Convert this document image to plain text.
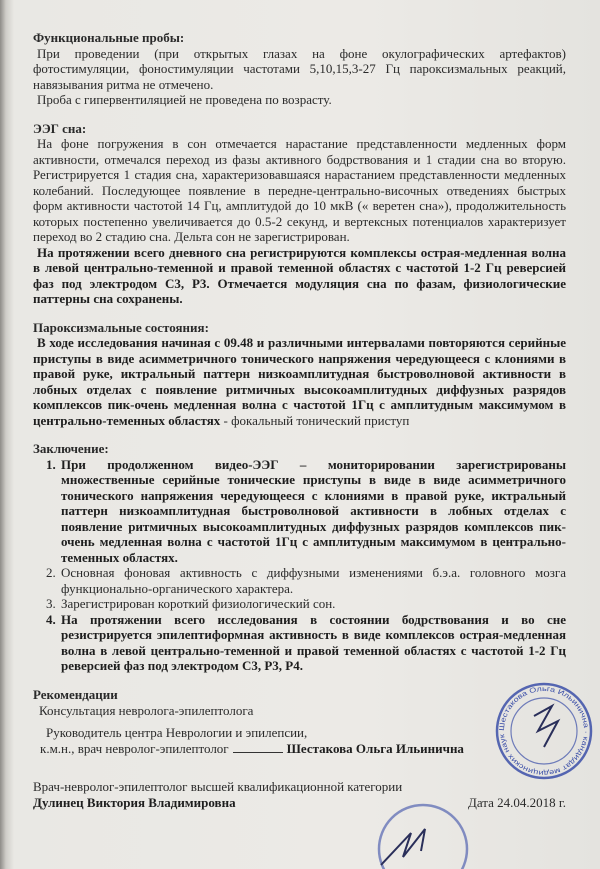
Функциональные пробы:
При проведении (при открытых глазах на фоне окулографических артефактов) фотостимуляции, фоностимуляции частотами 5,10,15,3-27 Гц пароксизмальных реакций, навязывания ритма не отмечено.
Проба с гипервентиляцией не проведена по возрасту.
ЭЭГ сна:
На фоне погружения в сон отмечается нарастание представленности медленных форм активности, отмечался переход из фазы активного бодрствования и 1 стадии сна во вторую. Регистрируется 1 стадия сна, характеризовавшаяся нарастанием представленности медленных колебаний. Последующее появление в передне-центрально-височных отведениях быстрых форм активности частотой 14 Гц, амплитудой до 10 мкВ (« веретен сна»), продолжительность которых постепенно увеличивается до 0.5-2 секунд, и вертексных потенциалов характеризует переход во 2 стадию сна. Дельта сон не зарегистрирован.
На протяжении всего дневного сна регистрируются комплексы острая-медленная волна в левой центрально-теменной и правой теменной областях с частотой 1-2 Гц реверсией фаз под электродом С3, Р3. Отмечается модуляция сна по фазам, физиологические паттерны сна сохранены.
Пароксизмальные состояния:
В ходе исследования начиная с 09.48 и различными интервалами повторяются серийные приступы в виде асимметричного тонического напряжения чередующееся с клониями в правой руке, иктральный паттерн низкоамплитудная быстроволновой активности в лобных отделах с появление ритмичных высокоамплитудных диффузных разрядов комплексов пик-очень медленная волна с частотой 1Гц с амплитудным максимумом в центрально-теменных областях - фокальный тонический приступ
Заключение:
1. При продолженном видео-ЭЭГ – мониторировании зарегистрированы множественные серийные тонические приступы в виде в виде асимметричного тонического напряжения чередующееся с клониями в правой руке, иктральный паттерн низкоамплитудная быстроволновой активности в лобных отделах с появление ритмичных высокоамплитудных диффузных разрядов комплексов пик-очень медленная волна с частотой 1Гц с амплитудным максимумом в центрально-теменных областях.
2. Основная фоновая активность с диффузными изменениями б.э.а. головного мозга функционально-органического характера.
3. Зарегистрирован короткий физиологический сон.
4. На протяжении всего исследования в состоянии бодрствования и во сне резистрируется эпилептиформная активность в виде комплексов острая-медленная волна в левой центрально-теменной и правой теменной областях с частотой 1-2 Гц реверсией фаз под электродом С3, Р3, Р4.
Рекомендации
Консультация невролога-эпилептолога
Руководитель центра Неврологии и эпилепсии,
к.м.н., врач невролог-эпилептолог	Шестакова Ольга Ильинична
Врач-невролог-эпилептолог высшей квалификационной категории
Дулинец Виктория Владимировна	Дата 24.04.2018 г.
Шестакова Ольга Ильинична · кандидат медицинских наук
